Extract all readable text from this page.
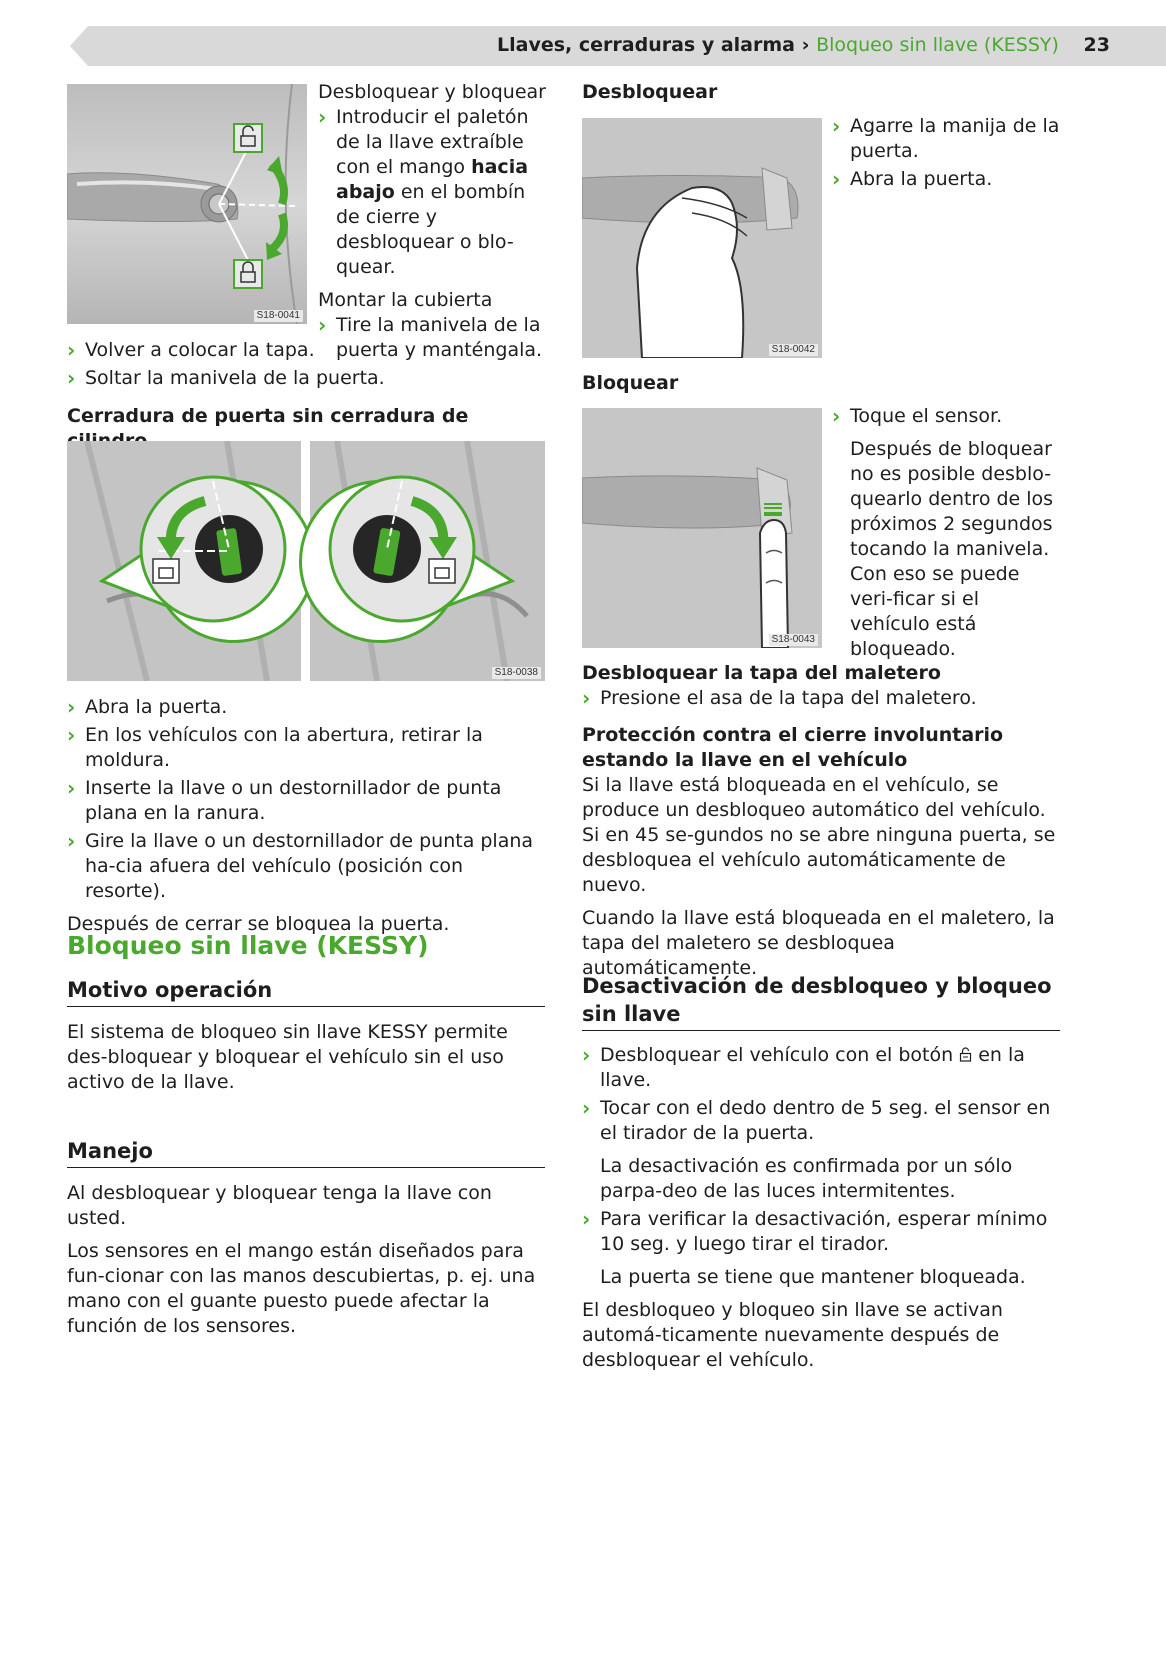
Llaves, cerraduras y alarma › Bloqueo sin llave (KESSY) 23
S18-0041

Desbloquear y bloquear

› Introducir el paletón de la llave extraíble con el mango hacia abajo en el bombín de cierre y desbloquear o blo-quear.

Montar la cubierta

› Tire la manivela de la puerta y manténgala.

› Volver a colocar la tapa.

› Soltar la manivela de la puerta.

Cerradura de puerta sin cerradura de

S18-0038

› Abra la puerta.

› En los vehículos con la abertura, retirar la moldura.

› Inserte la llave o un destornillador de punta plana en la ranura.

› Gire la llave o un destornillador de punta plana ha-cia afuera del vehículo (posición con resorte).

Después de cerrar se bloquea la puerta.

Bloqueo sin llave (KESSY)

Motivo operación

El sistema de bloqueo sin llave KESSY permite des-bloquear y bloquear el vehículo sin el uso activo de la llave.

Manejo

Al desbloquear y bloquear tenga la llave con usted.

Los sensores en el mango están diseñados para fun-cionar con las manos descubiertas, p. ej. una mano con el guante puesto puede afectar la función de los sensores.

Desbloquear

S18-0042

› Agarre la manija de la puerta.

› Abra la puerta.

Bloquear

S18-0043

› Toque el sensor.

Después de bloquear no es posible desblo-quearlo dentro de los próximos 2 segundos tocando la manivela. Con eso se puede veri-ficar si el vehículo está bloqueado.

Desbloquear la tapa del maletero

› Presione el asa de la tapa del maletero.

Protección contra el cierre involuntario estando la llave en el vehículo

Si la llave está bloqueada en el vehículo, se produce un desbloqueo automático del vehículo. Si en 45 se-gundos no se abre ninguna puerta, se desbloquea el vehículo automáticamente de nuevo.

Cuando la llave está bloqueada en el maletero, la tapa del maletero se desbloquea automáticamente.

Desactivación de desbloqueo y bloqueo sin llave

› Desbloquear el vehículo con el botón  en la llave.

› Tocar con el dedo dentro de 5 seg. el sensor en el tirador de la puerta.

La desactivación es confirmada por un sólo parpa-deo de las luces intermitentes.

› Para verificar la desactivación, esperar mínimo 10 seg. y luego tirar el tirador.

La puerta se tiene que mantener bloqueada.

El desbloqueo y bloqueo sin llave se activan automá-ticamente nuevamente después de desbloquear el vehículo.
